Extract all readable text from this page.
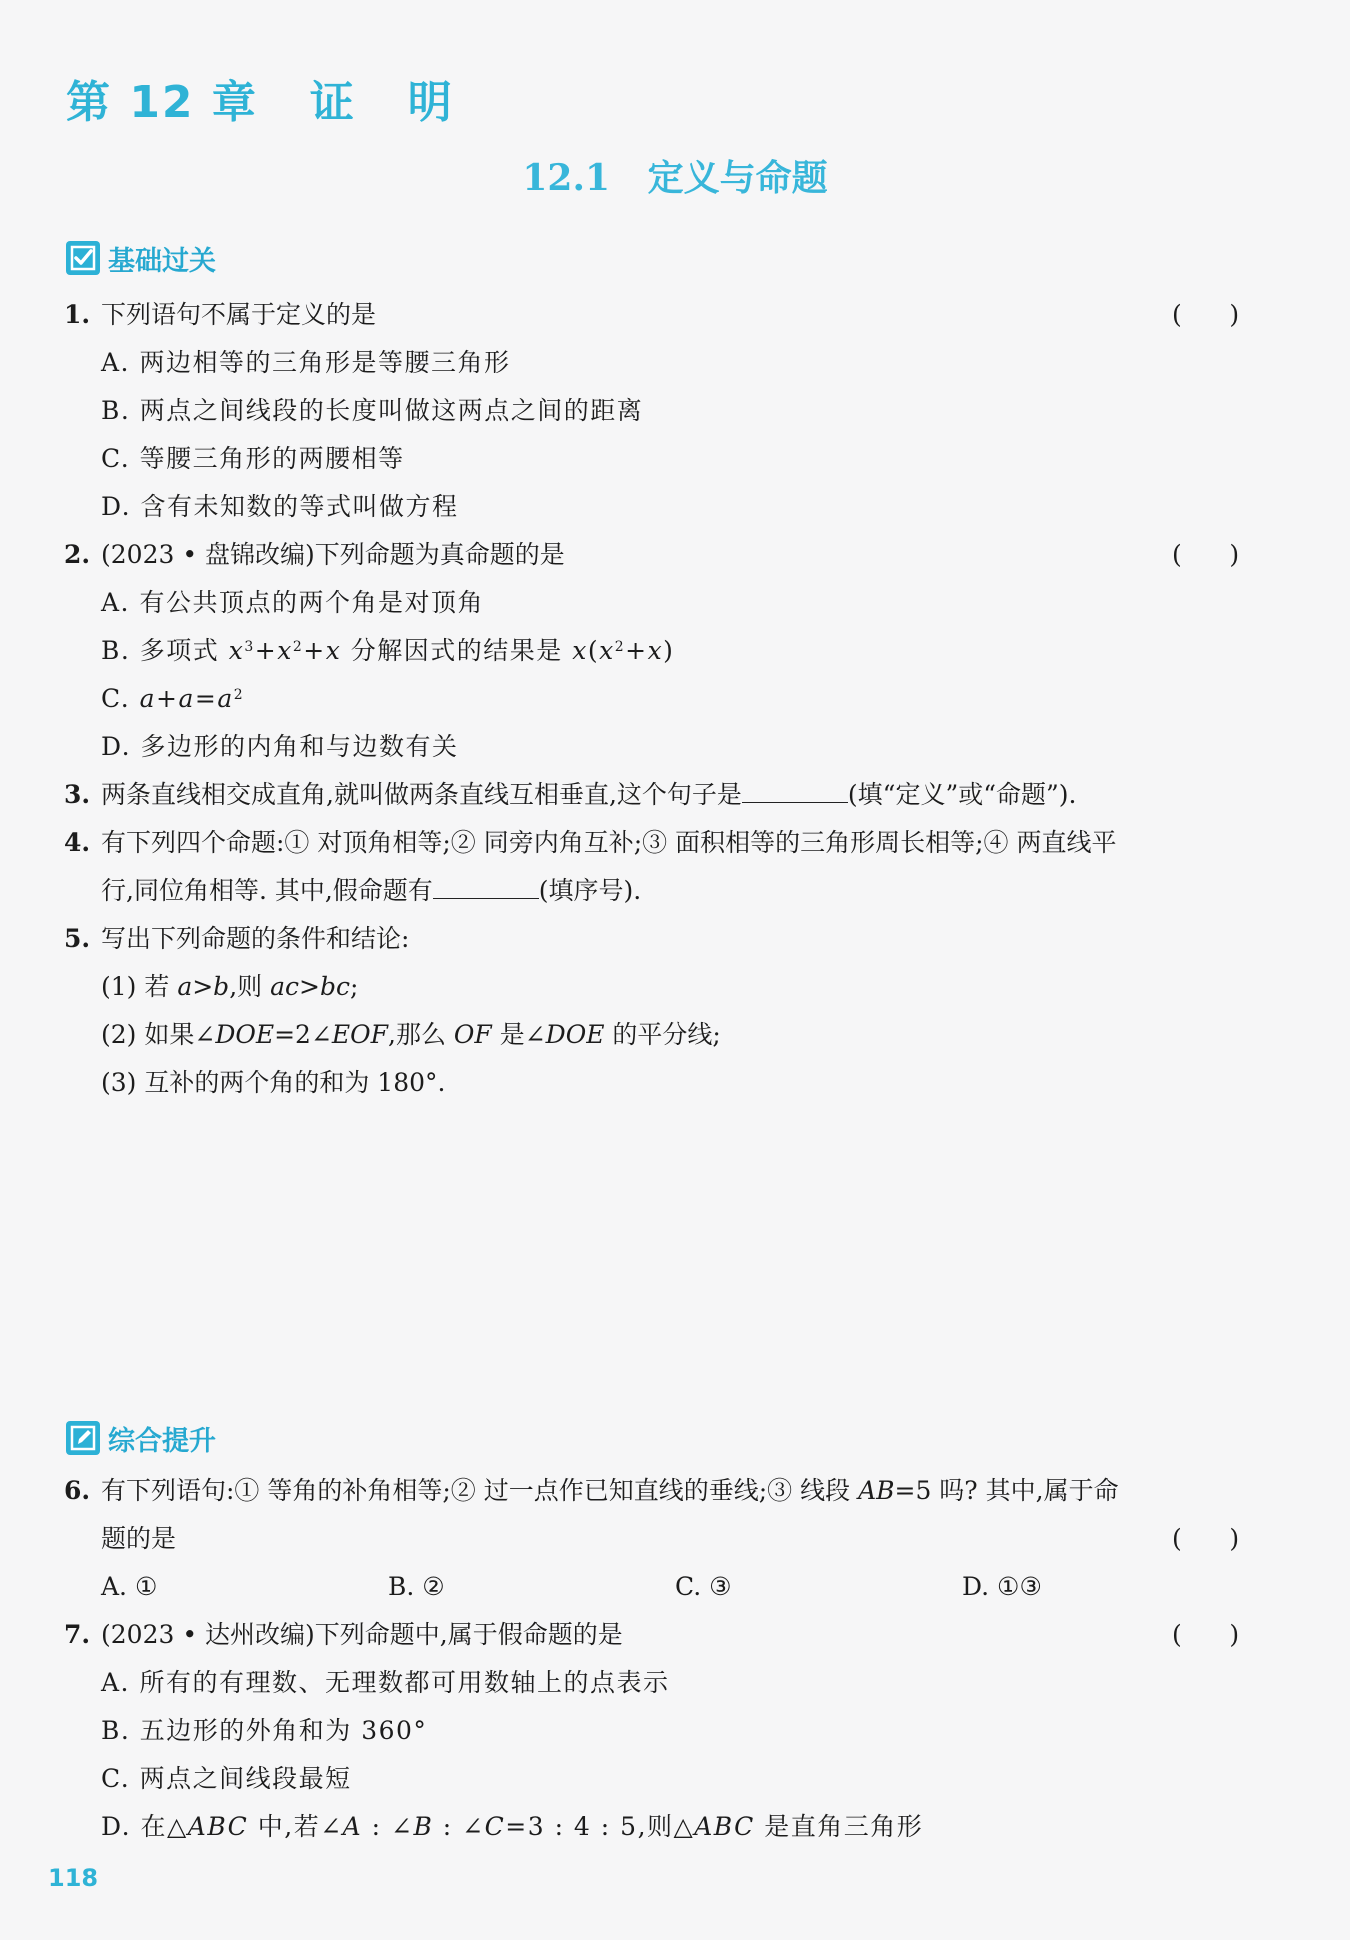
第 12 章   证   明
12.1   定义与命题
基础过关
1. 下列语句不属于定义的是	(      )
A. 两边相等的三角形是等腰三角形
B. 两点之间线段的长度叫做这两点之间的距离
C. 等腰三角形的两腰相等
D. 含有未知数的等式叫做方程
2. (2023 • 盘锦改编)下列命题为真命题的是	(      )
A. 有公共顶点的两个角是对顶角
B. 多项式 $x^3+x^2+x$ 分解因式的结果是 $x(x^2+x)$
C. $a+a=a^2$
D. 多边形的内角和与边数有关
3. 两条直线相交成直角,就叫做两条直线互相垂直,这个句子是	(填“定义”或“命题”).
4. 有下列四个命题:① 对顶角相等;② 同旁内角互补;③ 面积相等的三角形周长相等;④ 两直线平
行,同位角相等. 其中,假命题有	(填序号).
5. 写出下列命题的条件和结论:
(1) 若 a>b,则 ac>bc;
(2) 如果∠DOE=2∠EOF,那么 OF 是∠DOE 的平分线;
(3) 互补的两个角的和为 180°.
综合提升
6. 有下列语句:① 等角的补角相等;② 过一点作已知直线的垂线;③ 线段 AB=5 吗? 其中,属于命
题的是	(      )
A. ①	B. ②	C. ③	D. ①③
7. (2023 • 达州改编)下列命题中,属于假命题的是	(      )
A. 所有的有理数、无理数都可用数轴上的点表示
B. 五边形的外角和为 360°
C. 两点之间线段最短
D. 在△ABC 中,若∠A : ∠B : ∠C=3 : 4 : 5,则△ABC 是直角三角形
118
